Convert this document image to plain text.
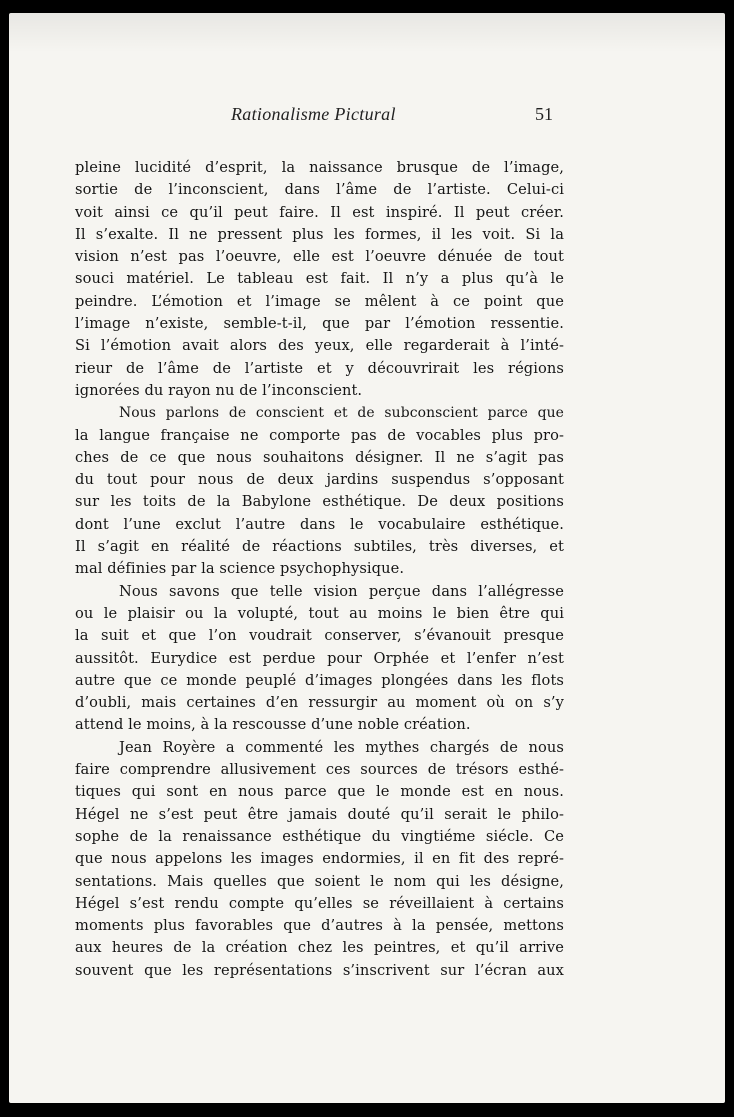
Rationalisme Pictural	51
pleine lucidité d’esprit, la naissance brusque de l’image,
sortie de l’inconscient, dans l’âme de l’artiste. Celui-ci
voit ainsi ce qu’il peut faire. Il est inspiré. Il peut créer.
Il s’exalte. Il ne pressent plus les formes, il les voit. Si la
vision n’est pas l’oeuvre, elle est l’oeuvre dénuée de tout
souci matériel. Le tableau est fait. Il n’y a plus qu’à le
peindre. L’émotion et l’image se mêlent à ce point que
l’image n’existe, semble-t-il, que par l’émotion ressentie.
Si l’émotion avait alors des yeux, elle regarderait à l’inté-
rieur de l’âme de l’artiste et y découvrirait les régions
ignorées du rayon nu de l’inconscient.
Nous parlons de conscient et de subconscient parce que
la langue française ne comporte pas de vocables plus pro-
ches de ce que nous souhaitons désigner. Il ne s’agit pas
du tout pour nous de deux jardins suspendus s’opposant
sur les toits de la Babylone esthétique. De deux positions
dont l’une exclut l’autre dans le vocabulaire esthétique.
Il s’agit en réalité de réactions subtiles, très diverses, et
mal définies par la science psychophysique.
Nous savons que telle vision perçue dans l’allégresse
ou le plaisir ou la volupté, tout au moins le bien être qui
la suit et que l’on voudrait conserver, s’évanouit presque
aussitôt. Eurydice est perdue pour Orphée et l’enfer n’est
autre que ce monde peuplé d’images plongées dans les flots
d’oubli, mais certaines d’en ressurgir au moment où on s’y
attend le moins, à la rescousse d’une noble création.
Jean Royère a commenté les mythes chargés de nous
faire comprendre allusivement ces sources de trésors esthé-
tiques qui sont en nous parce que le monde est en nous.
Hégel ne s’est peut être jamais douté qu’il serait le philo-
sophe de la renaissance esthétique du vingtiéme siécle. Ce
que nous appelons les images endormies, il en fit des repré-
sentations. Mais quelles que soient le nom qui les désigne,
Hégel s’est rendu compte qu’elles se réveillaient à certains
moments plus favorables que d’autres à la pensée, mettons
aux heures de la création chez les peintres, et qu’il arrive
souvent que les représentations s’inscrivent sur l’écran aux
